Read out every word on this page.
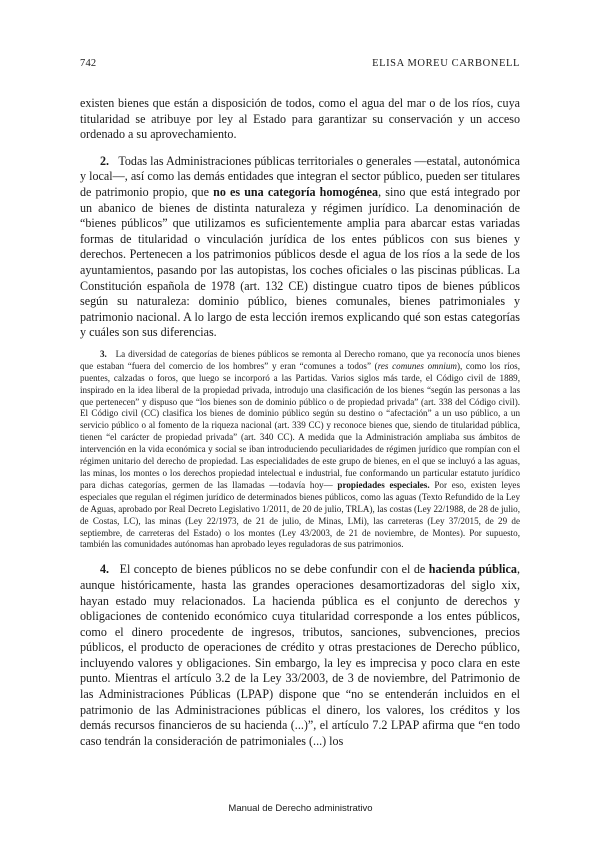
742	ELISA MOREU CARBONELL

existen bienes que están a disposición de todos, como el agua del mar o de los ríos, cuya titularidad se atribuye por ley al Estado para garantizar su conservación y un acceso ordenado a su aprovechamiento.

2. Todas las Administraciones públicas territoriales o generales —estatal, autonómica y local—, así como las demás entidades que integran el sector público, pueden ser titulares de patrimonio propio, que no es una categoría homogénea, sino que está integrado por un abanico de bienes de distinta naturaleza y régimen jurídico. La denominación de “bienes públicos” que utilizamos es suficientemente amplia para abarcar estas variadas formas de titularidad o vinculación jurídica de los entes públicos con sus bienes y derechos. Pertenecen a los patrimonios públicos desde el agua de los ríos a la sede de los ayuntamientos, pasando por las autopistas, los coches oficiales o las piscinas públicas. La Constitución española de 1978 (art. 132 CE) distingue cuatro tipos de bienes públicos según su naturaleza: dominio público, bienes comunales, bienes patrimoniales y patrimonio nacional. A lo largo de esta lección iremos explicando qué son estas categorías y cuáles son sus diferencias.

3. La diversidad de categorías de bienes públicos se remonta al Derecho romano, que ya reconocía unos bienes que estaban “fuera del comercio de los hombres” y eran “comunes a todos” (res comunes omnium), como los ríos, puentes, calzadas o foros, que luego se incorporó a las Partidas. Varios siglos más tarde, el Código civil de 1889, inspirado en la idea liberal de la propiedad privada, introdujo una clasificación de los bienes “según las personas a las que pertenecen” y dispuso que “los bienes son de dominio público o de propiedad privada” (art. 338 del Código civil). El Código civil (CC) clasifica los bienes de dominio público según su destino o “afectación” a un uso público, a un servicio público o al fomento de la riqueza nacional (art. 339 CC) y reconoce bienes que, siendo de titularidad pública, tienen “el carácter de propiedad privada” (art. 340 CC). A medida que la Administración ampliaba sus ámbitos de intervención en la vida económica y social se iban introduciendo peculiaridades de régimen jurídico que rompían con el régimen unitario del derecho de propiedad. Las especialidades de este grupo de bienes, en el que se incluyó a las aguas, las minas, los montes o los derechos propiedad intelectual e industrial, fue conformando un particular estatuto jurídico para dichas categorías, germen de las llamadas —todavía hoy— propiedades especiales. Por eso, existen leyes especiales que regulan el régimen jurídico de determinados bienes públicos, como las aguas (Texto Refundido de la Ley de Aguas, aprobado por Real Decreto Legislativo 1/2011, de 20 de julio, TRLA), las costas (Ley 22/1988, de 28 de julio, de Costas, LC), las minas (Ley 22/1973, de 21 de julio, de Minas, LMi), las carreteras (Ley 37/2015, de 29 de septiembre, de carreteras del Estado) o los montes (Ley 43/2003, de 21 de noviembre, de Montes). Por supuesto, también las comunidades autónomas han aprobado leyes reguladoras de sus patrimonios.

4. El concepto de bienes públicos no se debe confundir con el de hacienda pública, aunque históricamente, hasta las grandes operaciones desamortizadoras del siglo xix, hayan estado muy relacionados. La hacienda pública es el conjunto de derechos y obligaciones de contenido económico cuya titularidad corresponde a los entes públicos, como el dinero procedente de ingresos, tributos, sanciones, subvenciones, precios públicos, el producto de operaciones de crédito y otras prestaciones de Derecho público, incluyendo valores y obligaciones. Sin embargo, la ley es imprecisa y poco clara en este punto. Mientras el artículo 3.2 de la Ley 33/2003, de 3 de noviembre, del Patrimonio de las Administraciones Públicas (LPAP) dispone que “no se entenderán incluidos en el patrimonio de las Administraciones públicas el dinero, los valores, los créditos y los demás recursos financieros de su hacienda (...)”, el artículo 7.2 LPAP afirma que “en todo caso tendrán la consideración de patrimoniales (...) los

Manual de Derecho administrativo
